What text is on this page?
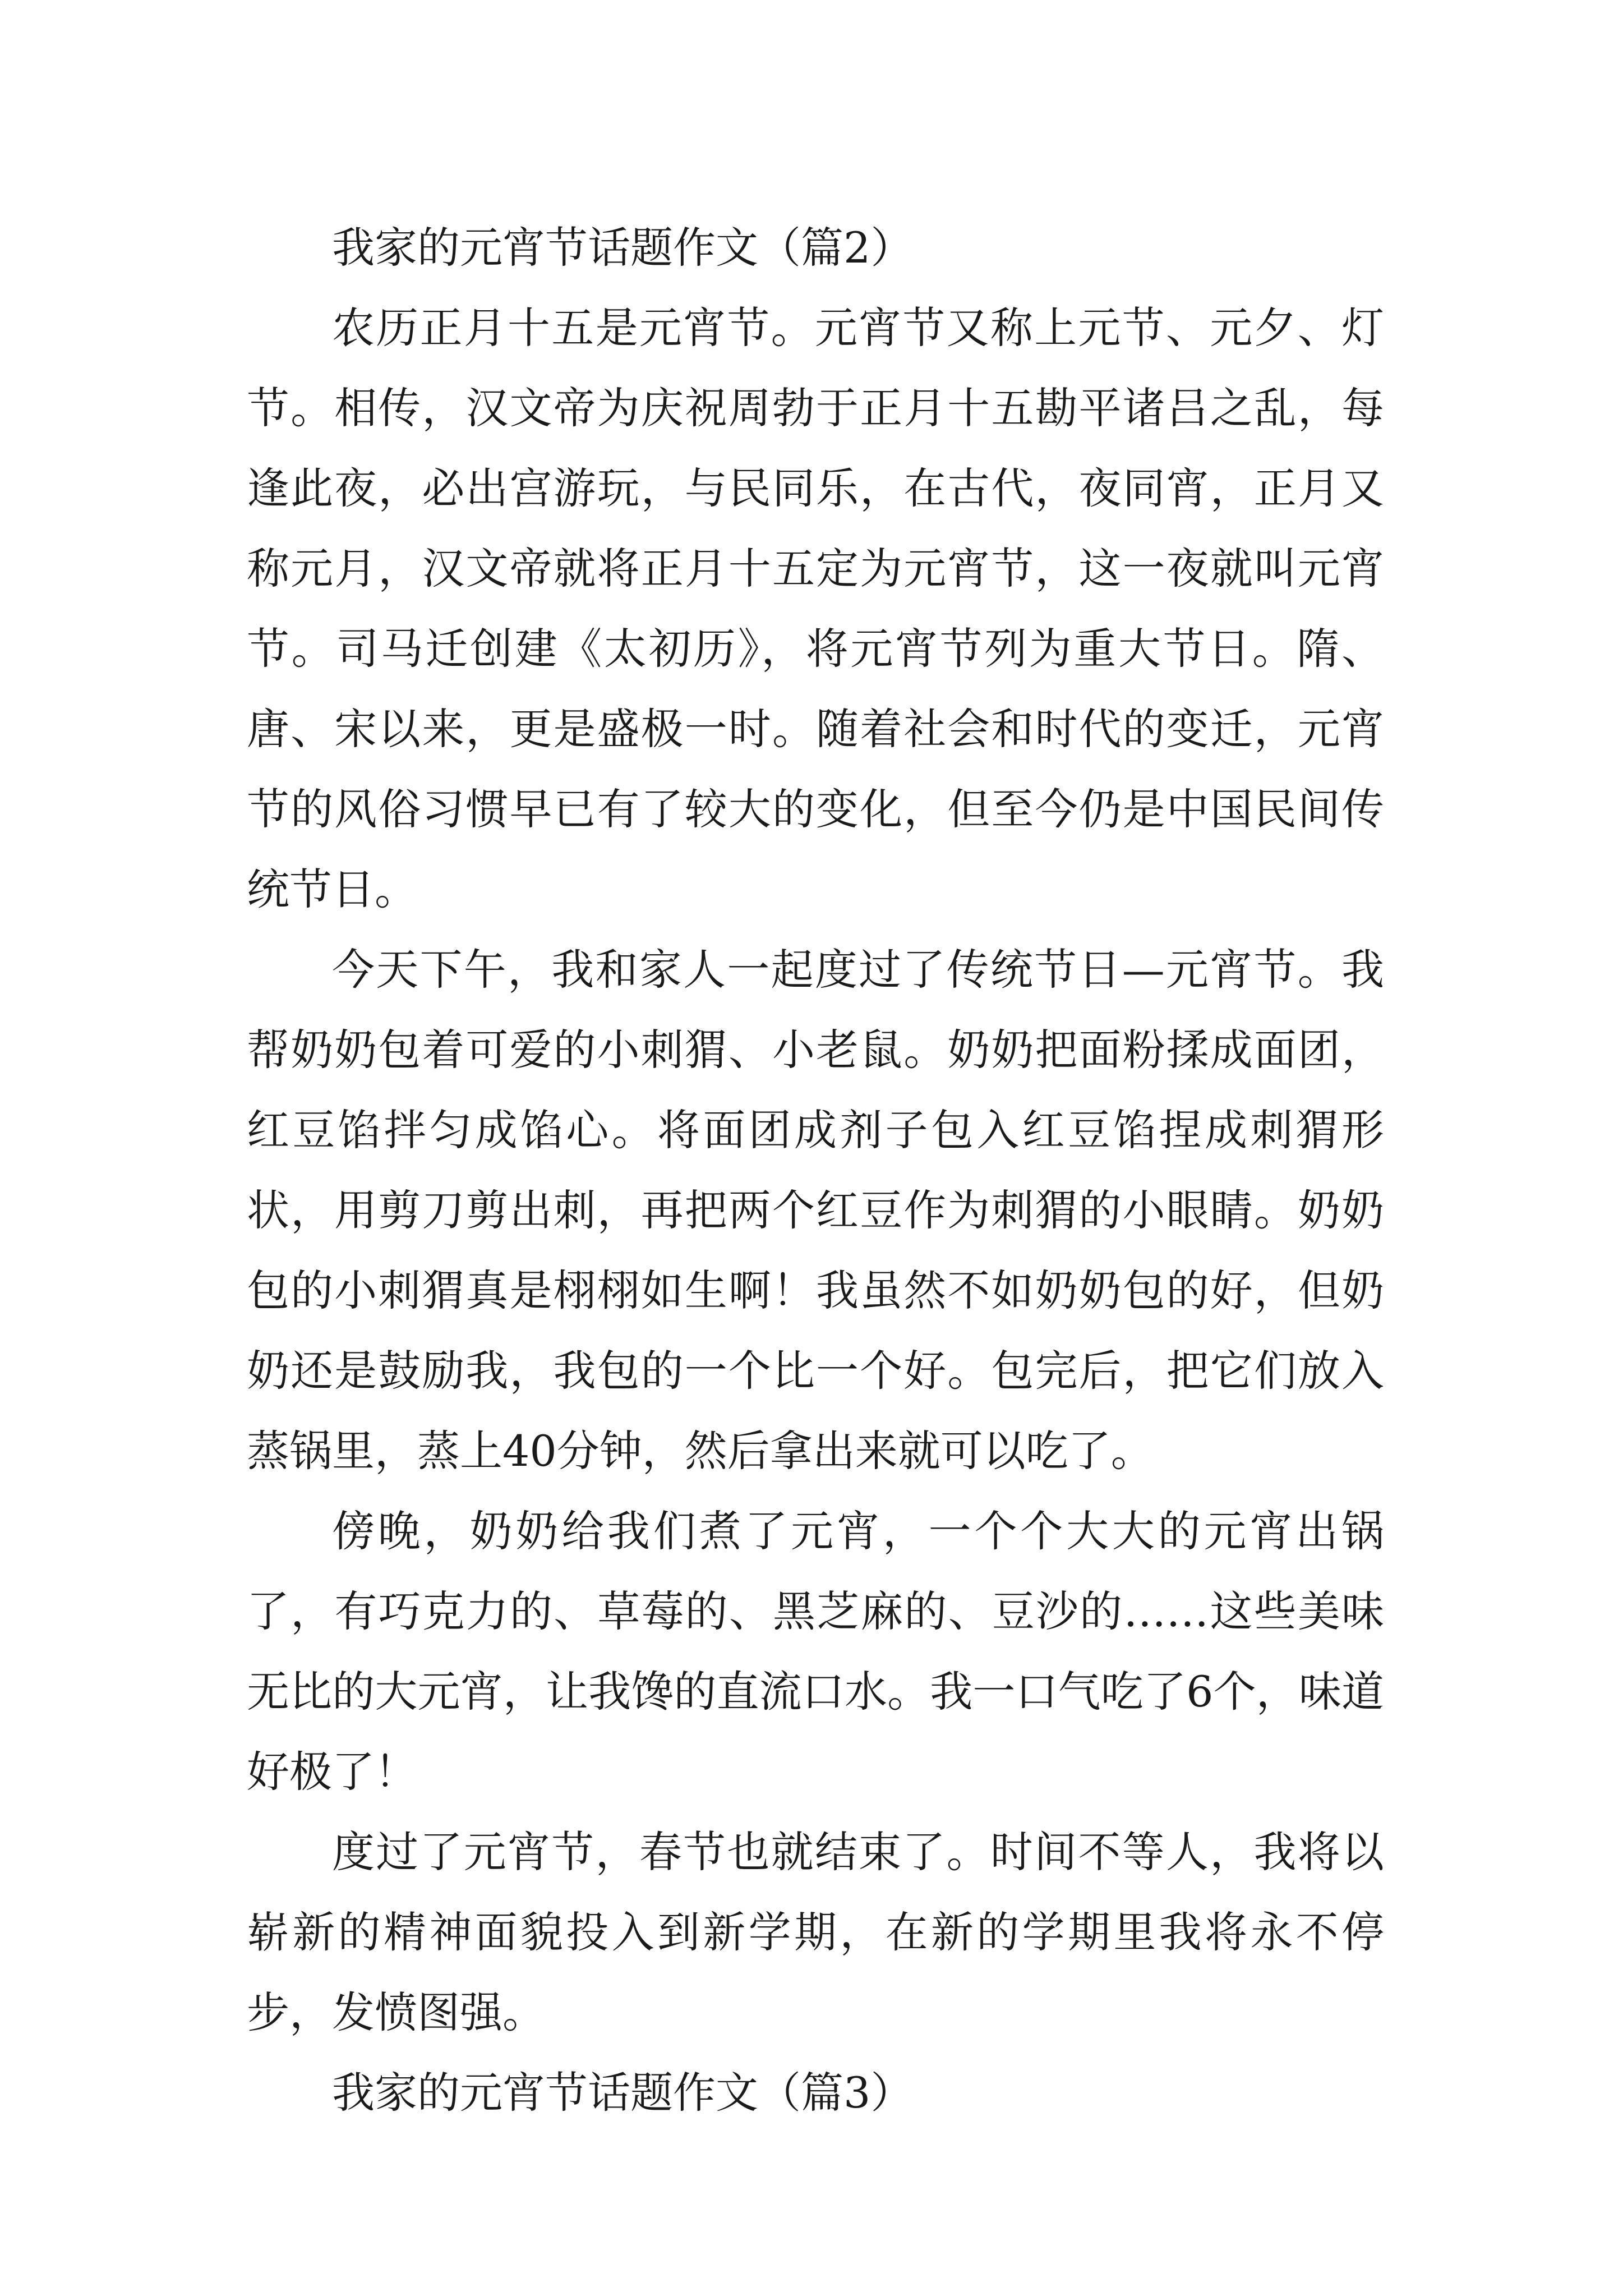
我家的元宵节话题作文（篇2）

农历正月十五是元宵节。元宵节又称上元节、元夕、灯节。相传，汉文帝为庆祝周勃于正月十五勘平诸吕之乱，每逢此夜，必出宫游玩，与民同乐，在古代，夜同宵，正月又称元月，汉文帝就将正月十五定为元宵节，这一夜就叫元宵节。司马迁创建《太初历》，将元宵节列为重大节日。隋、唐、宋以来，更是盛极一时。随着社会和时代的变迁，元宵节的风俗习惯早已有了较大的变化，但至今仍是中国民间传统节日。

今天下午，我和家人一起度过了传统节日—元宵节。我帮奶奶包着可爱的小刺猬、小老鼠。奶奶把面粉揉成面团，红豆馅拌匀成馅心。将面团成剂子包入红豆馅捏成刺猬形状，用剪刀剪出刺，再把两个红豆作为刺猬的小眼睛。奶奶包的小刺猬真是栩栩如生啊！我虽然不如奶奶包的好，但奶奶还是鼓励我，我包的一个比一个好。包完后，把它们放入蒸锅里，蒸上40分钟，然后拿出来就可以吃了。

傍晚，奶奶给我们煮了元宵，一个个大大的元宵出锅了，有巧克力的、草莓的、黑芝麻的、豆沙的……这些美味无比的大元宵，让我馋的直流口水。我一口气吃了6个，味道好极了！

度过了元宵节，春节也就结束了。时间不等人，我将以崭新的精神面貌投入到新学期，在新的学期里我将永不停步，发愤图强。

我家的元宵节话题作文（篇3）
